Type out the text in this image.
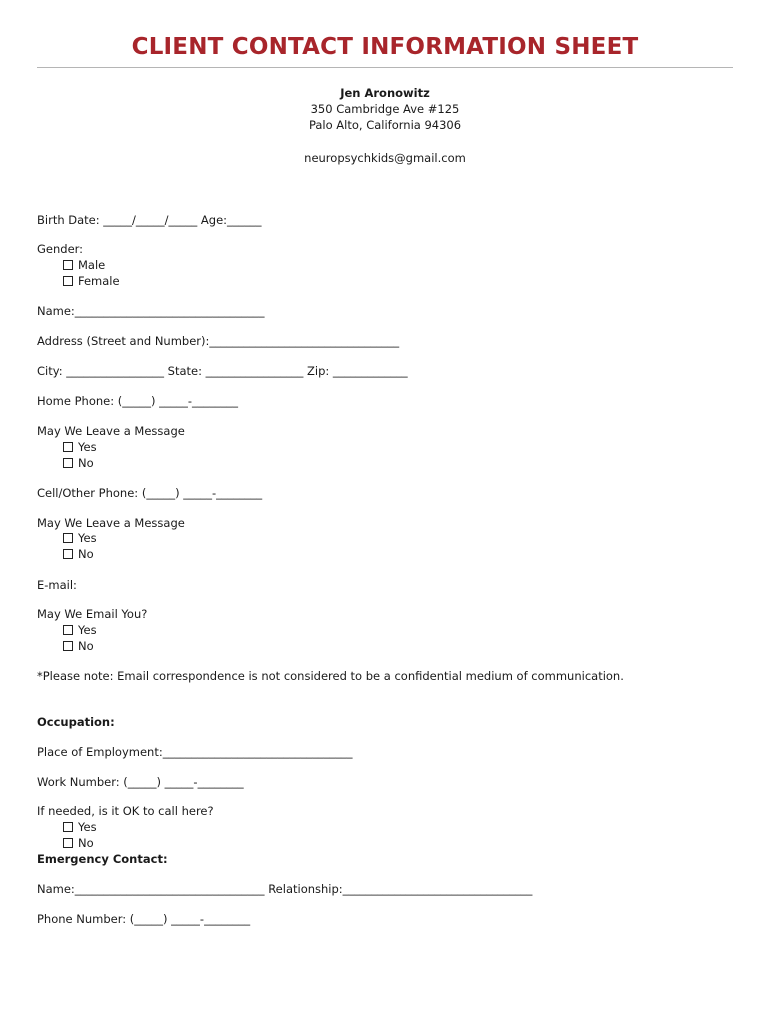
CLIENT CONTACT INFORMATION SHEET
Jen Aronowitz
350 Cambridge Ave #125
Palo Alto, California 94306
neuropsychkids@gmail.com
Birth Date: _____/_____/_____ Age:______
Gender:
Male
Female
Name:_________________________________
Address (Street and Number):_________________________________
City: _________________ State: _________________ Zip: _____________
Home Phone: (_____) _____-________
May We Leave a Message
Yes
No
Cell/Other Phone: (_____) _____-________
May We Leave a Message
Yes
No
E-mail:
May We Email You?
Yes
No
*Please note: Email correspondence is not considered to be a confidential medium of communication.
Occupation:
Place of Employment:_________________________________
Work Number: (_____) _____-________
If needed, is it OK to call here?
Yes
No
Emergency Contact:
Name:_________________________________ Relationship:_________________________________
Phone Number: (_____) _____-________
